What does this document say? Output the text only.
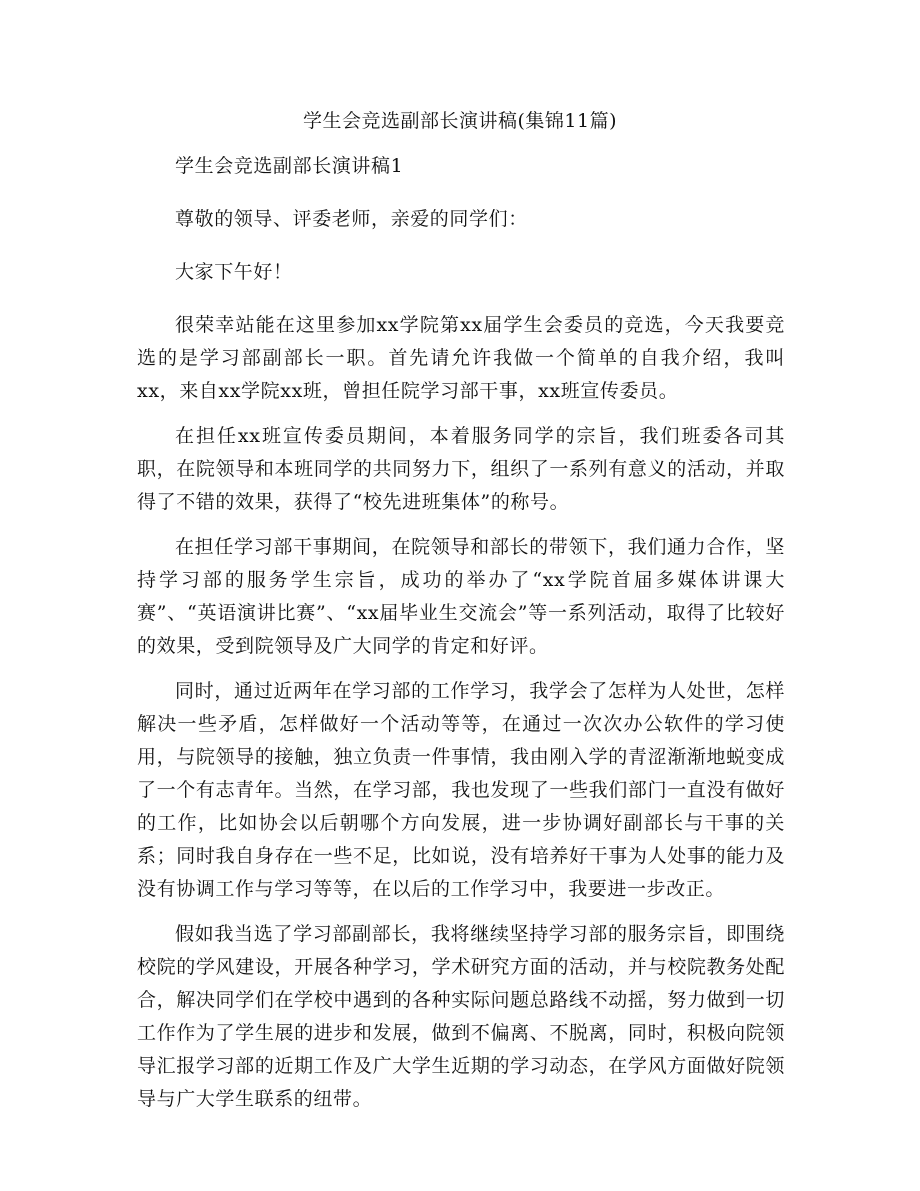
学生会竞选副部长演讲稿(集锦11篇)

学生会竞选副部长演讲稿1

尊敬的领导、评委老师，亲爱的同学们：

大家下午好！

很荣幸站能在这里参加xx学院第xx届学生会委员的竞选，今天我要竞选的是学习部副部长一职。首先请允许我做一个简单的自我介绍，我叫xx，来自xx学院xx班，曾担任院学习部干事，xx班宣传委员。

在担任xx班宣传委员期间，本着服务同学的宗旨，我们班委各司其职，在院领导和本班同学的共同努力下，组织了一系列有意义的活动，并取得了不错的效果，获得了“校先进班集体”的称号。

在担任学习部干事期间，在院领导和部长的带领下，我们通力合作，坚持学习部的服务学生宗旨，成功的举办了“xx学院首届多媒体讲课大赛”、“英语演讲比赛”、“xx届毕业生交流会”等一系列活动，取得了比较好的效果，受到院领导及广大同学的肯定和好评。

同时，通过近两年在学习部的工作学习，我学会了怎样为人处世，怎样解决一些矛盾，怎样做好一个活动等等，在通过一次次办公软件的学习使用，与院领导的接触，独立负责一件事情，我由刚入学的青涩渐渐地蜕变成了一个有志青年。当然，在学习部，我也发现了一些我们部门一直没有做好的工作，比如协会以后朝哪个方向发展，进一步协调好副部长与干事的关系；同时我自身存在一些不足，比如说，没有培养好干事为人处事的能力及没有协调工作与学习等等，在以后的工作学习中，我要进一步改正。

假如我当选了学习部副部长，我将继续坚持学习部的服务宗旨，即围绕校院的学风建设，开展各种学习，学术研究方面的活动，并与校院教务处配合，解决同学们在学校中遇到的各种实际问题总路线不动摇，努力做到一切工作作为了学生展的进步和发展，做到不偏离、不脱离，同时，积极向院领导汇报学习部的近期工作及广大学生近期的学习动态，在学风方面做好院领导与广大学生联系的纽带。
